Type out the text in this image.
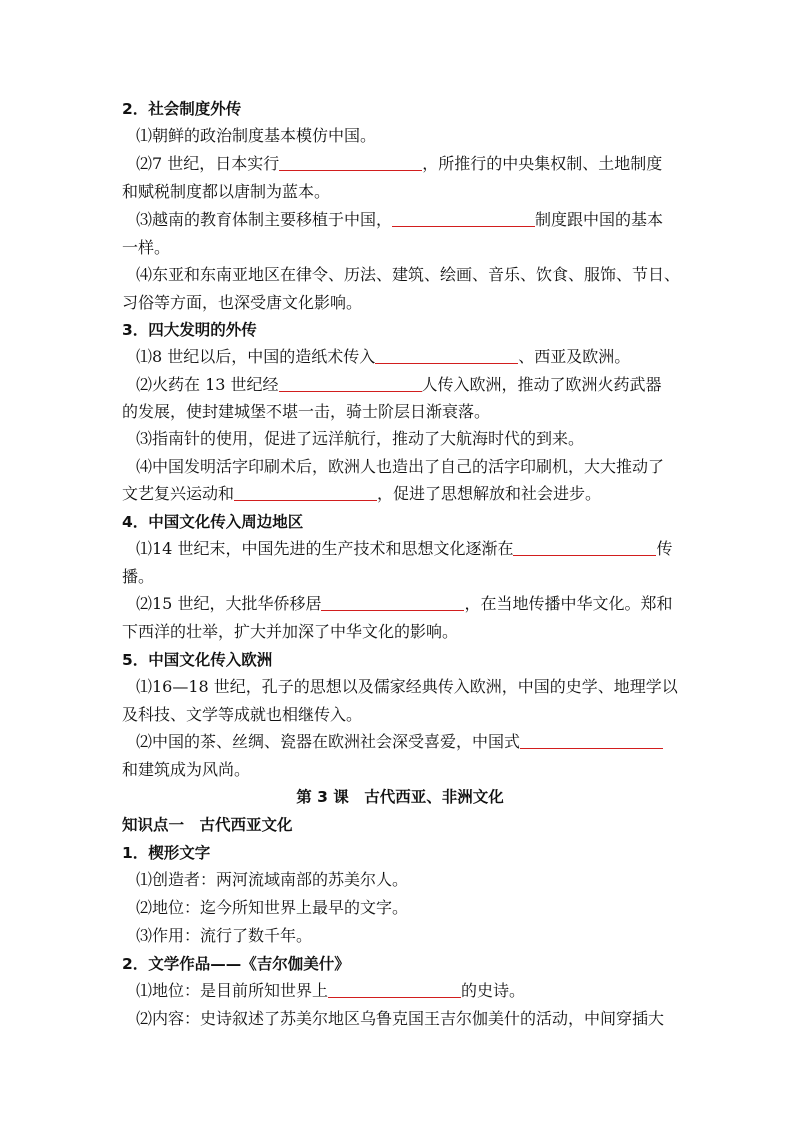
2．社会制度外传
⑴朝鲜的政治制度基本模仿中国。
⑵7 世纪，日本实行	，所推行的中央集权制、土地制度
和赋税制度都以唐制为蓝本。
⑶越南的教育体制主要移植于中国，	制度跟中国的基本
一样。
⑷东亚和东南亚地区在律令、历法、建筑、绘画、音乐、饮食、服饰、节日、
习俗等方面，也深受唐文化影响。
3．四大发明的外传
⑴8 世纪以后，中国的造纸术传入	、西亚及欧洲。
⑵火药在 13 世纪经	人传入欧洲，推动了欧洲火药武器
的发展，使封建城堡不堪一击，骑士阶层日渐衰落。
⑶指南针的使用，促进了远洋航行，推动了大航海时代的到来。
⑷中国发明活字印刷术后，欧洲人也造出了自己的活字印刷机，大大推动了
文艺复兴运动和	，促进了思想解放和社会进步。
4．中国文化传入周边地区
⑴14 世纪末，中国先进的生产技术和思想文化逐渐在	传
播。
⑵15 世纪，大批华侨移居	，在当地传播中华文化。郑和
下西洋的壮举，扩大并加深了中华文化的影响。
5．中国文化传入欧洲
⑴16—18 世纪，孔子的思想以及儒家经典传入欧洲，中国的史学、地理学以
及科技、文学等成就也相继传入。
⑵中国的茶、丝绸、瓷器在欧洲社会深受喜爱，中国式
和建筑成为风尚。
第 3 课　古代西亚、非洲文化
知识点一　古代西亚文化
1．楔形文字
⑴创造者：两河流域南部的苏美尔人。
⑵地位：迄今所知世界上最早的文字。
⑶作用：流行了数千年。
2．文学作品——《吉尔伽美什》
⑴地位：是目前所知世界上	的史诗。
⑵内容：史诗叙述了苏美尔地区乌鲁克国王吉尔伽美什的活动，中间穿插大
